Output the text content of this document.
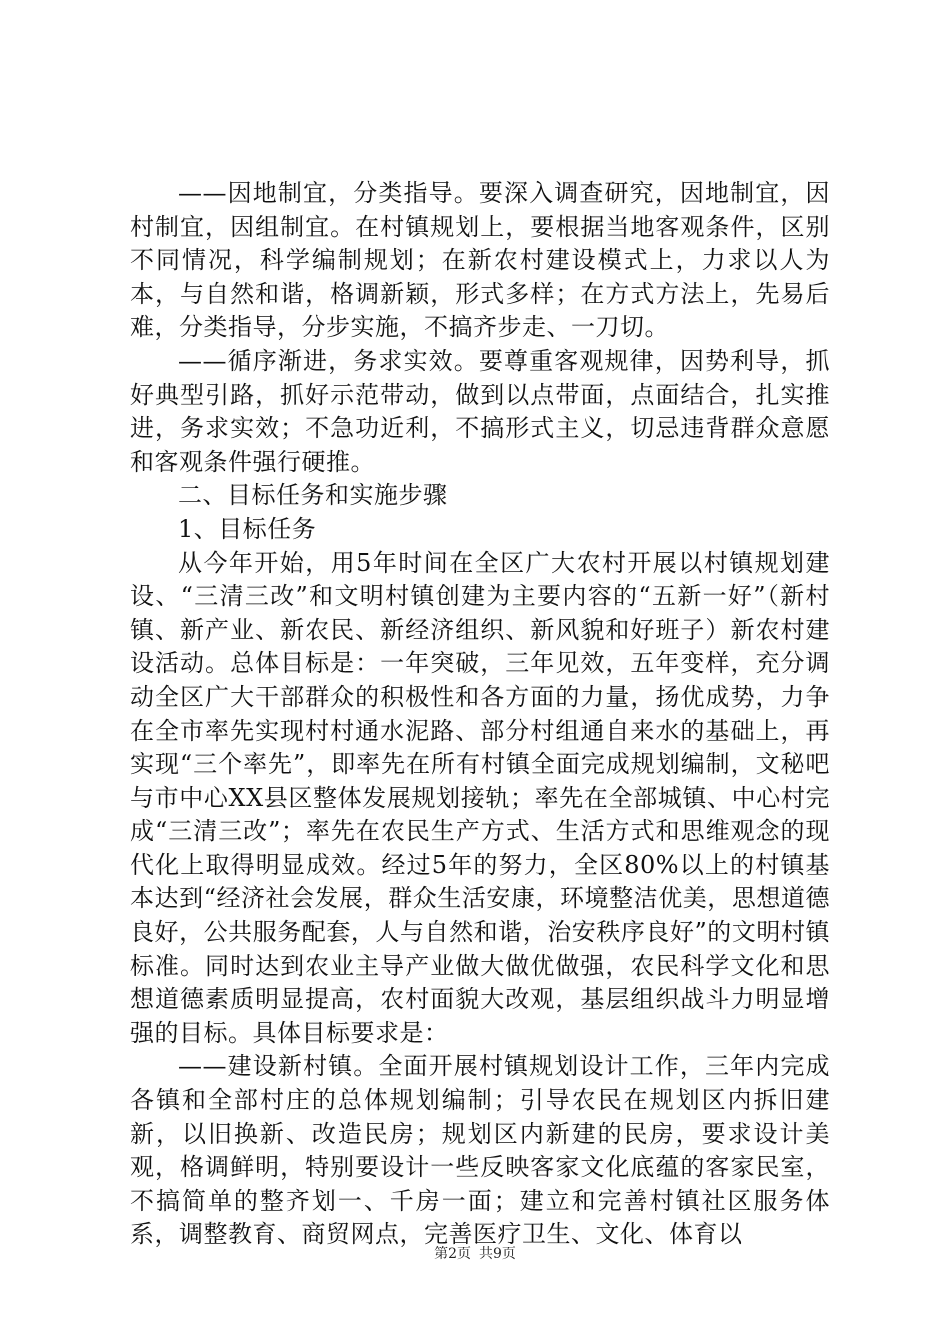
——因地制宜，分类指导。要深入调查研究，因地制宜，因村制宜，因组制宜。在村镇规划上，要根据当地客观条件，区别不同情况，科学编制规划；在新农村建设模式上，力求以人为本，与自然和谐，格调新颖，形式多样；在方式方法上，先易后难，分类指导，分步实施，不搞齐步走、一刀切。

——循序渐进，务求实效。要尊重客观规律，因势利导，抓好典型引路，抓好示范带动，做到以点带面，点面结合，扎实推进，务求实效；不急功近利，不搞形式主义，切忌违背群众意愿和客观条件强行硬推。

二、目标任务和实施步骤

1、目标任务

从今年开始，用5年时间在全区广大农村开展以村镇规划建设、“三清三改”和文明村镇创建为主要内容的“五新一好”（新村镇、新产业、新农民、新经济组织、新风貌和好班子）新农村建设活动。总体目标是：一年突破，三年见效，五年变样，充分调动全区广大干部群众的积极性和各方面的力量，扬优成势，力争在全市率先实现村村通水泥路、部分村组通自来水的基础上，再实现“三个率先”，即率先在所有村镇全面完成规划编制，文秘吧与市中心XX县区整体发展规划接轨；率先在全部城镇、中心村完成“三清三改”；率先在农民生产方式、生活方式和思维观念的现代化上取得明显成效。经过5年的努力，全区80%以上的村镇基本达到“经济社会发展，群众生活安康，环境整洁优美，思想道德良好，公共服务配套，人与自然和谐，治安秩序良好”的文明村镇标准。同时达到农业主导产业做大做优做强，农民科学文化和思想道德素质明显提高，农村面貌大改观，基层组织战斗力明显增强的目标。具体目标要求是：

——建设新村镇。全面开展村镇规划设计工作，三年内完成各镇和全部村庄的总体规划编制；引导农民在规划区内拆旧建新，以旧换新、改造民房；规划区内新建的民房，要求设计美观，格调鲜明，特别要设计一些反映客家文化底蕴的客家民室，不搞简单的整齐划一、千房一面；建立和完善村镇社区服务体系，调整教育、商贸网点，完善医疗卫生、文化、体育以

第2页 共9页
